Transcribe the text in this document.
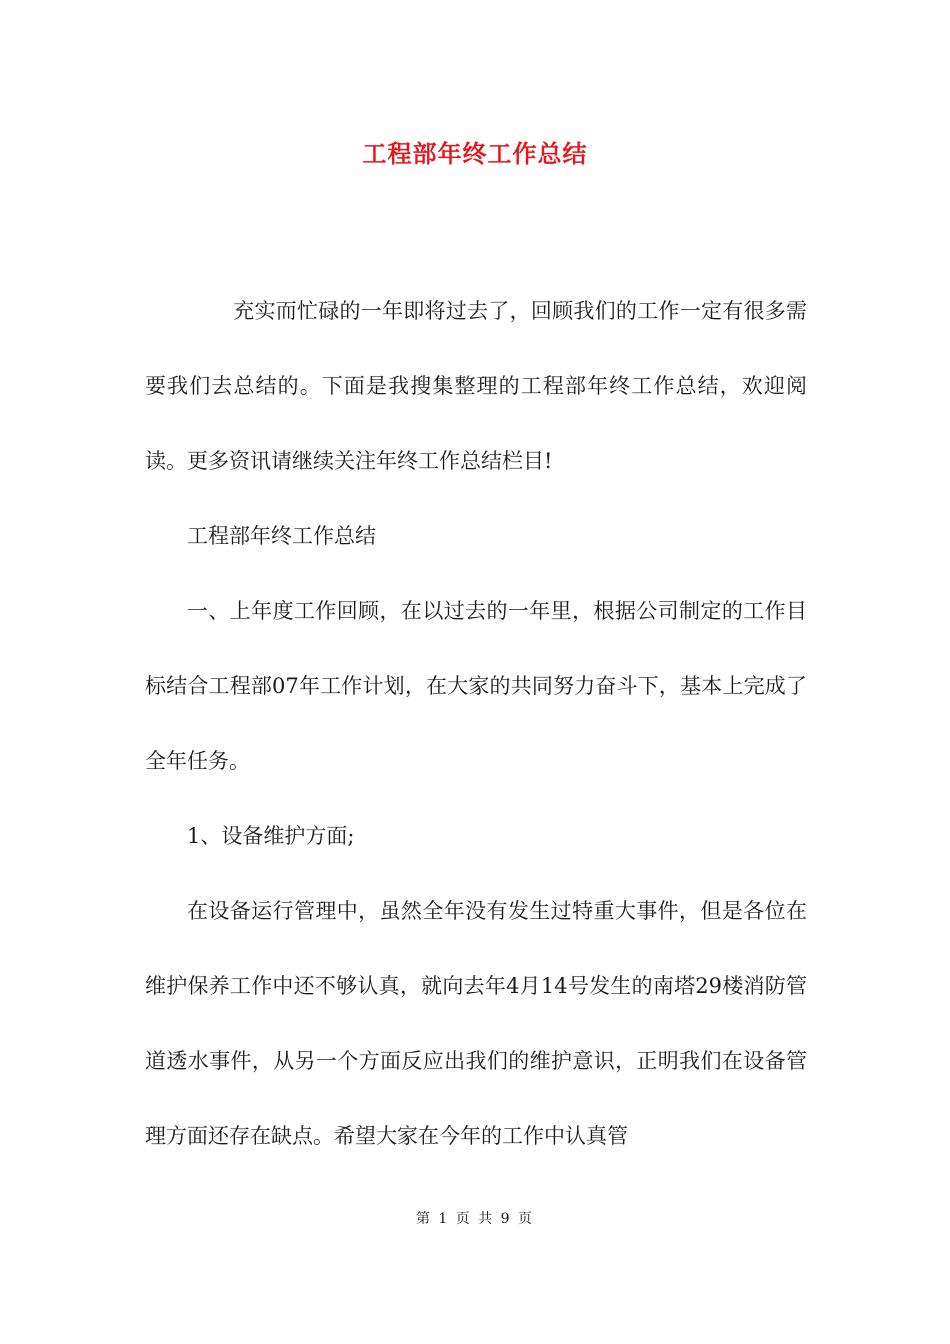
工程部年终工作总结

充实而忙碌的一年即将过去了，回顾我们的工作一定有很多需要我们去总结的。下面是我搜集整理的工程部年终工作总结，欢迎阅读。更多资讯请继续关注年终工作总结栏目!

工程部年终工作总结

一、上年度工作回顾，在以过去的一年里，根据公司制定的工作目标结合工程部07年工作计划，在大家的共同努力奋斗下，基本上完成了全年任务。

1、设备维护方面;

在设备运行管理中，虽然全年没有发生过特重大事件，但是各位在维护保养工作中还不够认真，就向去年4月14号发生的南塔29楼消防管道透水事件，从另一个方面反应出我们的维护意识，正明我们在设备管理方面还存在缺点。希望大家在今年的工作中认真管

第 1 页 共 9 页
